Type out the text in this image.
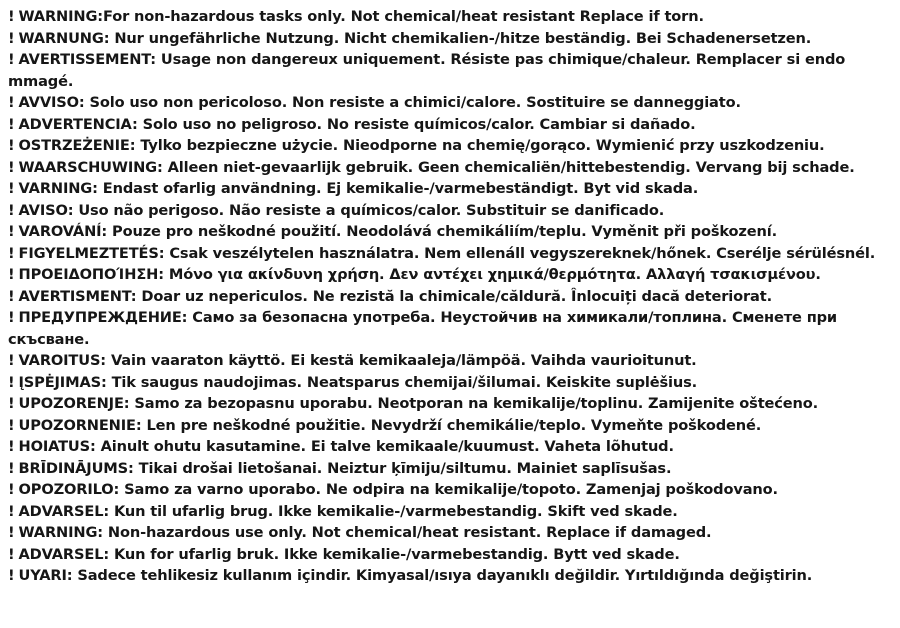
! WARNING:For non-hazardous tasks only. Not chemical/heat resistant Replace if torn.

! WARNUNG: Nur ungefährliche Nutzung. Nicht chemikalien-/hitze beständig. Bei Schadenersetzen.

! AVERTISSEMENT: Usage non dangereux uniquement. Résiste pas chimique/chaleur. Remplacer si endo mmagé.

! AVVISO: Solo uso non pericoloso. Non resiste a chimici/calore. Sostituire se danneggiato.

! ADVERTENCIA: Solo uso no peligroso. No resiste químicos/calor. Cambiar si dañado.

! OSTRZEŻENIE: Tylko bezpieczne użycie. Nieodporne na chemię/gorąco. Wymienić przy uszkodzeniu.

! WAARSCHUWING: Alleen niet-gevaarlijk gebruik. Geen chemicaliën/hittebestendig. Vervang bij schade.

! VARNING: Endast ofarlig användning. Ej kemikalie-/varmebeständigt. Byt vid skada.

! AVISO: Uso não perigoso. Não resiste a químicos/calor. Substituir se danificado.

! VAROVÁNÍ: Pouze pro neškodné použití. Neodolává chemikáliím/teplu. Vyměnit při poškození.

! FIGYELMEZTETÉS: Csak veszélytelen használatra. Nem ellenáll vegyszereknek/hőnek. Cserélje sérülésnél.

! ΠΡΟΕΙΔΟΠΟΊΗΣΗ: Μόνο για ακίνδυνη χρήση. Δεν αντέχει χημικά/θερμότητα. Αλλαγή τσακισμένου.

! AVERTISMENT: Doar uz nepericulos. Ne rezistă la chimicale/căldură. Înlocuiți dacă deteriorat.

! ПРЕДУПРЕЖДЕНИЕ: Само за безопасна употреба. Неустойчив на химикали/топлина. Сменете при скъсване.

! VAROITUS: Vain vaaraton käyttö. Ei kestä kemikaaleja/lämpöä. Vaihda vaurioitunut.

! ĮSPĖJIMAS: Tik saugus naudojimas. Neatsparus chemijai/šilumai. Keiskite suplėšius.

! UPOZORENJE: Samo za bezopasnu uporabu. Neotporan na kemikalije/toplinu. Zamijenite oštećeno.

! UPOZORNENIE: Len pre neškodné použitie. Nevydrží chemikálie/teplo. Vymeňte poškodené.

! HOIATUS: Ainult ohutu kasutamine. Ei talve kemikaale/kuumust. Vaheta lõhutud.

! BRĪDINĀJUMS: Tikai drošai lietošanai. Neiztur ķīmiju/siltumu. Mainiet saplīsušas.

! OPOZORILO: Samo za varno uporabo. Ne odpira na kemikalije/topoto. Zamenjaj poškodovano.

! ADVARSEL: Kun til ufarlig brug. Ikke kemikalie-/varmebestandig. Skift ved skade.

! WARNING: Non-hazardous use only. Not chemical/heat resistant. Replace if damaged.

! ADVARSEL: Kun for ufarlig bruk. Ikke kemikalie-/varmebestandig. Bytt ved skade.

! UYARI: Sadece tehlikesiz kullanım içindir. Kimyasal/ısıya dayanıklı değildir. Yırtıldığında değiştirin.
